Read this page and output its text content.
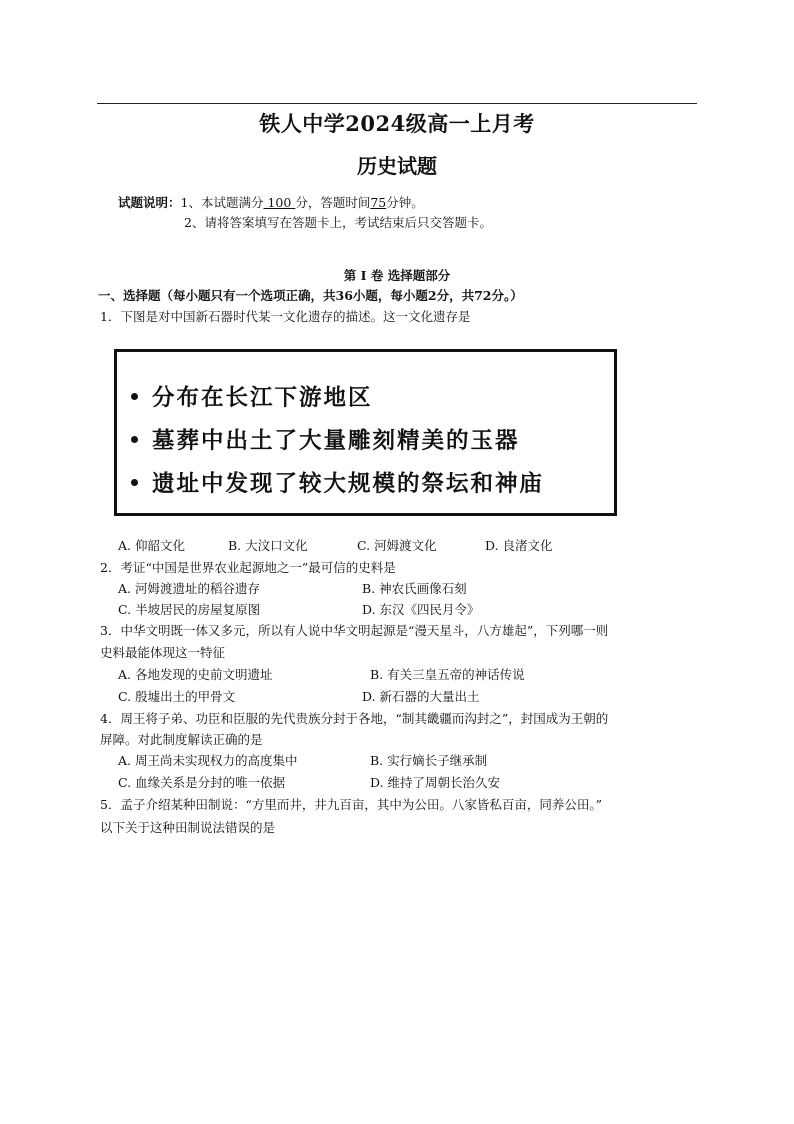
铁人中学2024级高一上月考
历史试题
试题说明：1、本试题满分 100 分，答题时间75分钟。
2、请将答案填写在答题卡上，考试结束后只交答题卡。
第 I 卷 选择题部分
一、选择题（每小题只有一个选项正确，共36小题，每小题2分，共72分。）
1．下图是对中国新石器时代某一文化遗存的描述。这一文化遗存是
分布在长江下游地区
墓葬中出土了大量雕刻精美的玉器
遗址中发现了较大规模的祭坛和神庙
A. 仰韶文化	B. 大汶口文化	C. 河姆渡文化	D. 良渚文化
2．考证“中国是世界农业起源地之一”最可信的史料是
A. 河姆渡遗址的稻谷遗存	B. 神农氏画像石刻
C. 半坡居民的房屋复原图	D. 东汉《四民月令》
3．中华文明既一体又多元，所以有人说中华文明起源是“漫天星斗，八方雄起”，下列哪一则
史料最能体现这一特征
A. 各地发现的史前文明遗址	B. 有关三皇五帝的神话传说
C. 殷墟出土的甲骨文	D. 新石器的大量出土
4．周王将子弟、功臣和臣服的先代贵族分封于各地，“制其畿疆而沟封之”，封国成为王朝的
屏障。对此制度解读正确的是
A. 周王尚未实现权力的高度集中	B. 实行嫡长子继承制
C. 血缘关系是分封的唯一依据	D. 维持了周朝长治久安
5．孟子介绍某种田制说：“方里而井，井九百亩，其中为公田。八家皆私百亩，同养公田。”
以下关于这种田制说法错误的是
